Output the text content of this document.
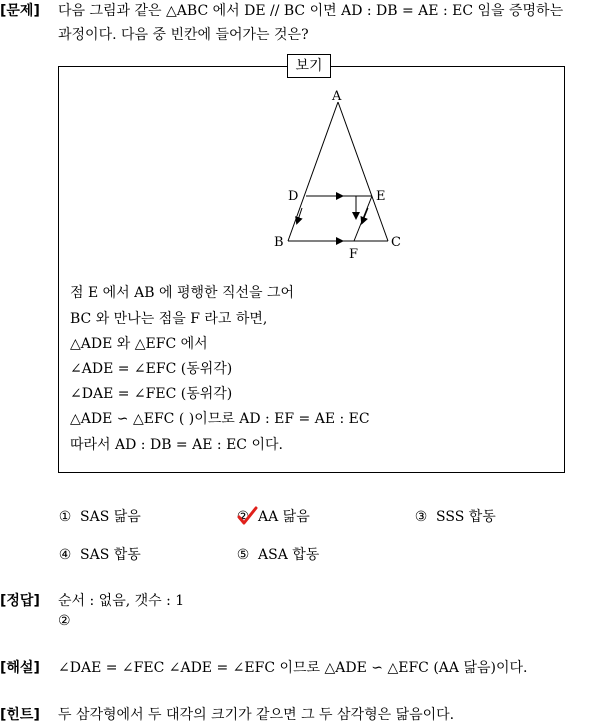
[문제] 다음 그림과 같은 △ABC 에서 DE // BC 이면 AD : DB = AE : EC 임을 증명하는
과정이다. 다음 중 빈칸에 들어가는 것은?
보기
A
D	E
B	C
F
점 E 에서 AB 에 평행한 직선을 그어
BC 와 만나는 점을 F 라고 하면,
△ADE 와 △EFC 에서
∠ADE = ∠EFC (동위각)
∠DAE = ∠FEC (동위각)
△ADE ∽ △EFC ( )이므로 AD : EF = AE : EC
따라서 AD : DB = AE : EC 이다.
① SAS 닮음	② AA 닮음	③ SSS 합동
④ SAS 합동	⑤ ASA 합동
[정답] 순서 : 없음, 갯수 : 1
②
[해설] ∠DAE = ∠FEC ∠ADE = ∠EFC 이므로 △ADE ∽ △EFC (AA 닮음)이다.
[힌트] 두 삼각형에서 두 대각의 크기가 같으면 그 두 삼각형은 닮음이다.
